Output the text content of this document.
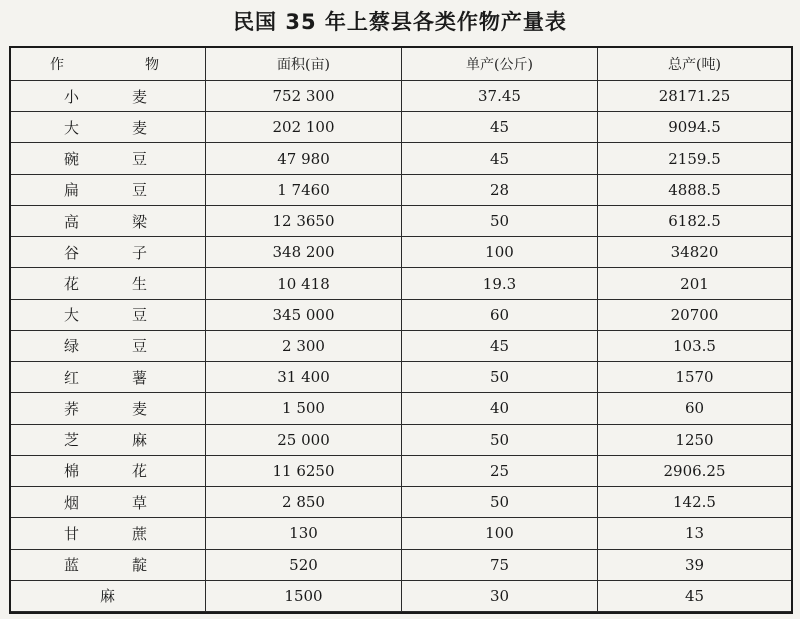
民国 35 年上蔡县各类作物产量表
作 物	面积(亩)	单产(公斤)	总产(吨)

小 麦	752 300	37.45	28171.25

大 麦	202 100	45	9094.5

碗 豆	47 980	45	2159.5

扁 豆	1 7460	28	4888.5

高 梁	12 3650	50	6182.5

谷 子	348 200	100	34820

花 生	10 418	19.3	201

大 豆	345 000	60	20700

绿 豆	2 300	45	103.5

红 薯	31 400	50	1570

荞 麦	1 500	40	60

芝 麻	25 000	50	1250

棉 花	11 6250	25	2906.25

烟 草	2 850	50	142.5

甘 蔗	130	100	13

蓝 靛	520	75	39

麻	1500	30	45
